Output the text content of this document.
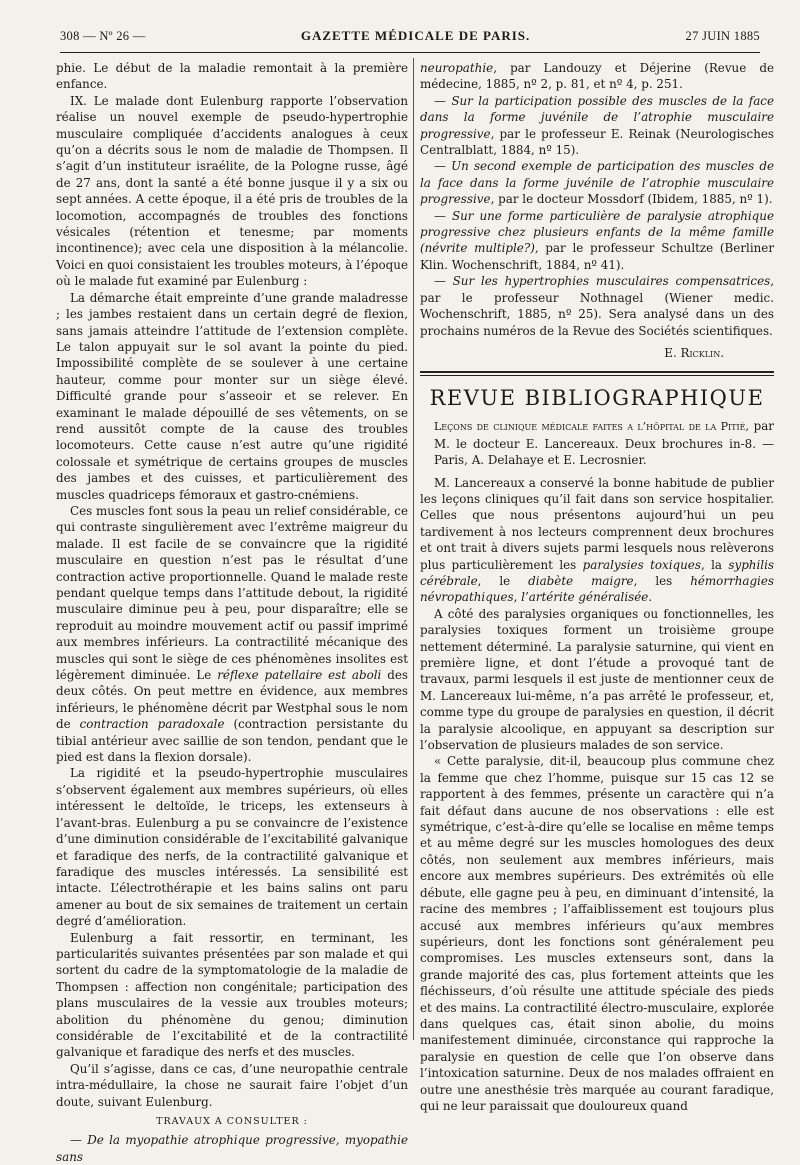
308 — Nº 26 —	GAZETTE MÉDICALE DE PARIS.	27 JUIN 1885

phie. Le début de la maladie remontait à la première enfance.

IX. Le malade dont Eulenburg rapporte l’observation réalise un nouvel exemple de pseudo-hypertrophie musculaire compliquée d’accidents analogues à ceux qu’on a décrits sous le nom de maladie de Thompsen. Il s’agit d’un instituteur israélite, de la Pologne russe, âgé de 27 ans, dont la santé a été bonne jusque il y a six ou sept années. A cette époque, il a été pris de troubles de la locomotion, accompagnés de troubles des fonctions vésicales (rétention et tenesme; par moments incontinence); avec cela une disposition à la mélancolie. Voici en quoi consistaient les troubles moteurs, à l’époque où le malade fut examiné par Eulenburg :

La démarche était empreinte d’une grande maladresse ; les jambes restaient dans un certain degré de flexion, sans jamais atteindre l’attitude de l’extension complète. Le talon appuyait sur le sol avant la pointe du pied. Impossibilité complète de se soulever à une certaine hauteur, comme pour monter sur un siège élevé. Difficulté grande pour s’asseoir et se relever. En examinant le malade dépouillé de ses vêtements, on se rend aussitôt compte de la cause des troubles locomoteurs. Cette cause n’est autre qu’une rigidité colossale et symétrique de certains groupes de muscles des jambes et des cuisses, et particulièrement des muscles quadriceps fémoraux et gastro-cnémiens.

Ces muscles font sous la peau un relief considérable, ce qui contraste singulièrement avec l’extrême maigreur du malade. Il est facile de se convaincre que la rigidité musculaire en question n’est pas le résultat d’une contraction active proportionnelle. Quand le malade reste pendant quelque temps dans l’attitude debout, la rigidité musculaire diminue peu à peu, pour disparaître; elle se reproduit au moindre mouvement actif ou passif imprimé aux membres inférieurs. La contractilité mécanique des muscles qui sont le siège de ces phénomènes insolites est légèrement diminuée. Le réflexe patellaire est aboli des deux côtés. On peut mettre en évidence, aux membres inférieurs, le phénomène décrit par Westphal sous le nom de contraction paradoxale (contraction persistante du tibial antérieur avec saillie de son tendon, pendant que le pied est dans la flexion dorsale).

La rigidité et la pseudo-hypertrophie musculaires s’observent également aux membres supérieurs, où elles intéressent le deltoïde, le triceps, les extenseurs à l’avant-bras. Eulenburg a pu se convaincre de l’existence d’une diminution considérable de l’excitabilité galvanique et faradique des nerfs, de la contractilité galvanique et faradique des muscles intéressés. La sensibilité est intacte. L’électrothérapie et les bains salins ont paru amener au bout de six semaines de traitement un certain degré d’amélioration.

Eulenburg a fait ressortir, en terminant, les particularités suivantes présentées par son malade et qui sortent du cadre de la symptomatologie de la maladie de Thompsen : affection non congénitale; participation des plans musculaires de la vessie aux troubles moteurs; abolition du phénomène du genou; diminution considérable de l’excitabilité et de la contractilité galvanique et faradique des nerfs et des muscles.

Qu’il s’agisse, dans ce cas, d’une neuropathie centrale intra-médullaire, la chose ne saurait faire l’objet d’un doute, suivant Eulenburg.

TRAVAUX A CONSULTER :

— De la myopathie atrophique progressive, myopathie sans

neuropathie, par Landouzy et Déjerine (Revue de médecine, 1885, nº 2, p. 81, et nº 4, p. 251.

— Sur la participation possible des muscles de la face dans la forme juvénile de l’atrophie musculaire progressive, par le professeur E. Reinak (Neurologisches Centralblatt, 1884, nº 15).

— Un second exemple de participation des muscles de la face dans la forme juvénile de l’atrophie musculaire progressive, par le docteur Mossdorf (Ibidem, 1885, nº 1).

— Sur une forme particulière de paralysie atrophique progressive chez plusieurs enfants de la même famille (névrite multiple?), par le professeur Schultze (Berliner Klin. Wochenschrift, 1884, nº 41).

— Sur les hypertrophies musculaires compensatrices, par le professeur Nothnagel (Wiener medic. Wochenschrift, 1885, nº 25). Sera analysé dans un des prochains numéros de la Revue des Sociétés scientifiques.

E. Ricklin.

REVUE BIBLIOGRAPHIQUE

Leçons de clinique médicale faites a l’hôpital de la Pitié, par M. le docteur E. Lancereaux. Deux brochures in-8. — Paris, A. Delahaye et E. Lecrosnier.

M. Lancereaux a conservé la bonne habitude de publier les leçons cliniques qu’il fait dans son service hospitalier. Celles que nous présentons aujourd’hui un peu tardivement à nos lecteurs comprennent deux brochures et ont trait à divers sujets parmi lesquels nous relèverons plus particulièrement les paralysies toxiques, la syphilis cérébrale, le diabète maigre, les hémorrhagies névropathiques, l’artérite généralisée.

A côté des paralysies organiques ou fonctionnelles, les paralysies toxiques forment un troisième groupe nettement déterminé. La paralysie saturnine, qui vient en première ligne, et dont l’étude a provoqué tant de travaux, parmi lesquels il est juste de mentionner ceux de M. Lancereaux lui-même, n’a pas arrêté le professeur, et, comme type du groupe de paralysies en question, il décrit la paralysie alcoolique, en appuyant sa description sur l’observation de plusieurs malades de son service.

« Cette paralysie, dit-il, beaucoup plus commune chez la femme que chez l’homme, puisque sur 15 cas 12 se rapportent à des femmes, présente un caractère qui n’a fait défaut dans aucune de nos observations : elle est symétrique, c’est-à-dire qu’elle se localise en même temps et au même degré sur les muscles homologues des deux côtés, non seulement aux membres inférieurs, mais encore aux membres supérieurs. Des extrémités où elle débute, elle gagne peu à peu, en diminuant d’intensité, la racine des membres ; l’affaiblissement est toujours plus accusé aux membres inférieurs qu’aux membres supérieurs, dont les fonctions sont généralement peu compromises. Les muscles extenseurs sont, dans la grande majorité des cas, plus fortement atteints que les fléchisseurs, d’où résulte une attitude spéciale des pieds et des mains. La contractilité électro-musculaire, explorée dans quelques cas, était sinon abolie, du moins manifestement diminuée, circonstance qui rapproche la paralysie en question de celle que l’on observe dans l’intoxication saturnine. Deux de nos malades offraient en outre une anesthésie très marquée au courant faradique, qui ne leur paraissait que douloureux quand
